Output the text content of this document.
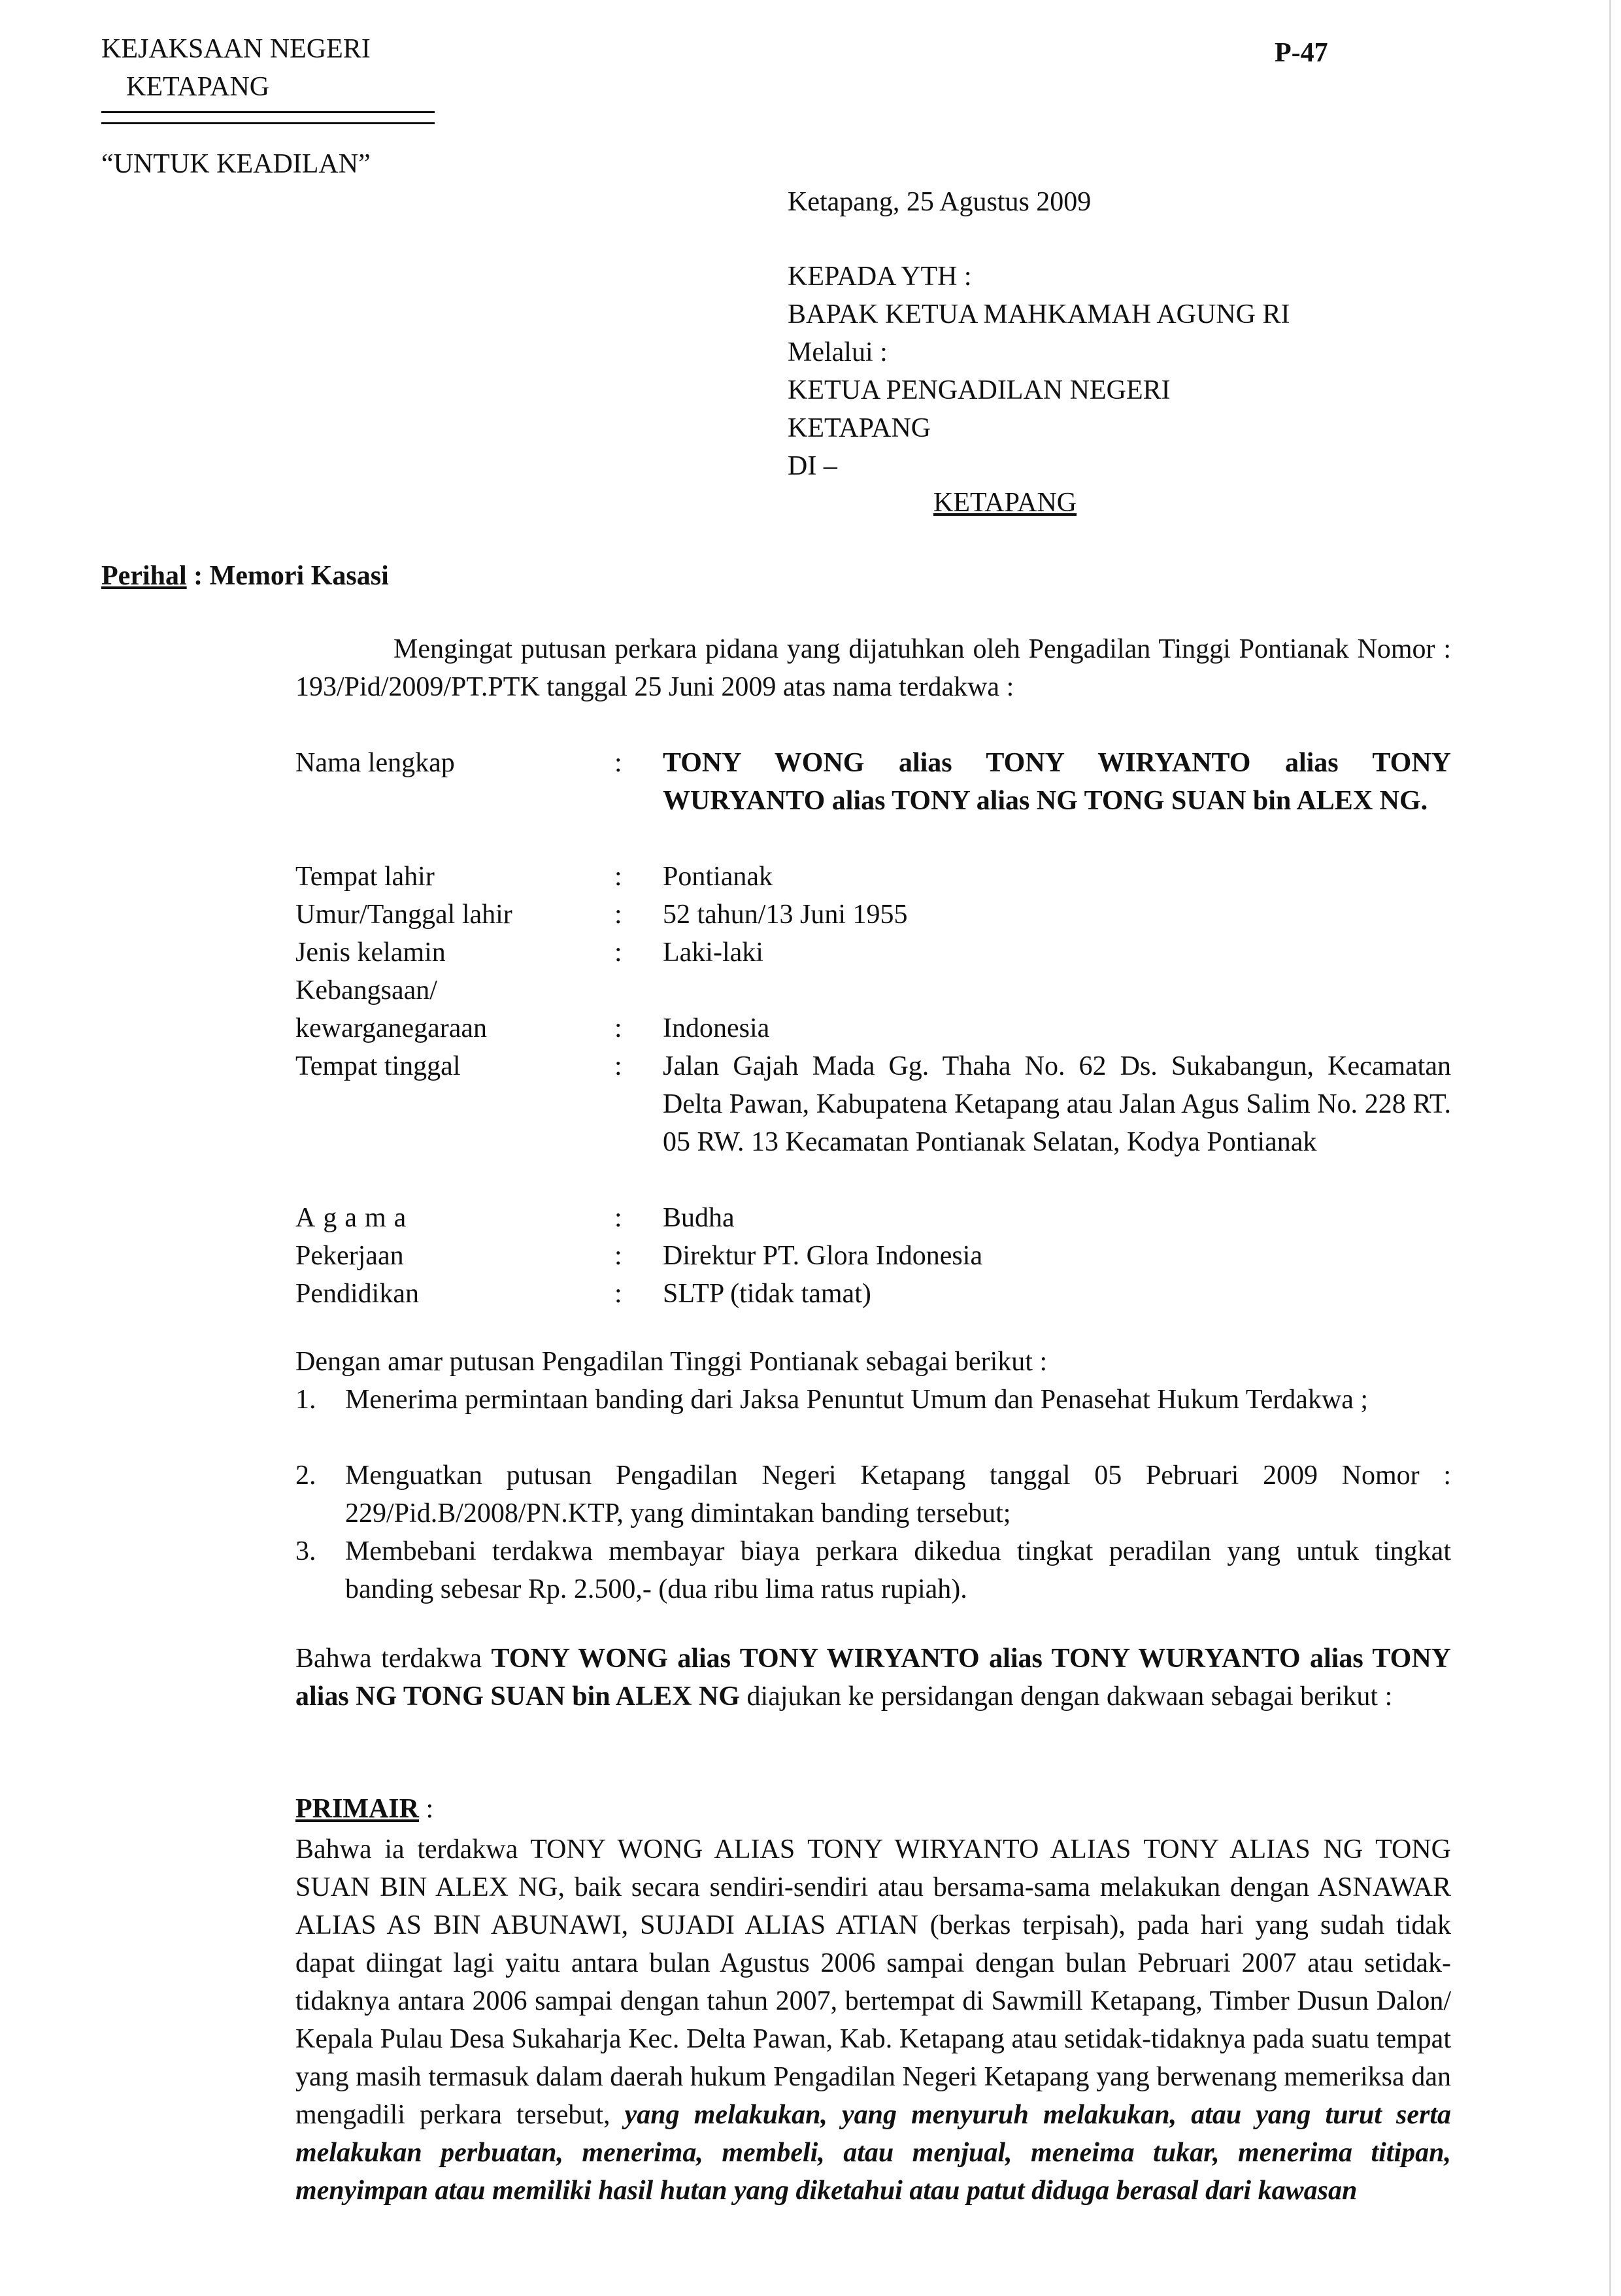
KEJAKSAAN NEGERI
KETAPANG
“UNTUK KEADILAN”
P-47
Ketapang, 25 Agustus 2009
KEPADA YTH :
BAPAK KETUA MAHKAMAH AGUNG RI
Melalui :
KETUA PENGADILAN NEGERI
KETAPANG
DI –
KETAPANG
Perihal : Memori Kasasi
Mengingat putusan perkara pidana yang dijatuhkan oleh Pengadilan Tinggi Pontianak Nomor : 193/Pid/2009/PT.PTK tanggal 25 Juni 2009 atas nama terdakwa :
Nama lengkap	: TONY WONG alias TONY WIRYANTO alias TONY WURYANTO alias TONY alias NG TONG SUAN bin ALEX NG.
Tempat lahir	: Pontianak
Umur/Tanggal lahir	: 52 tahun/13 Juni 1955
Jenis kelamin	: Laki-laki
Kebangsaan/
kewarganegaraan	: Indonesia
Tempat tinggal	: Jalan Gajah Mada Gg. Thaha No. 62 Ds. Sukabangun, Kecamatan Delta Pawan, Kabupatena Ketapang atau Jalan Agus Salim No. 228 RT. 05 RW. 13 Kecamatan Pontianak Selatan, Kodya Pontianak
Agama	: Budha
Pekerjaan	: Direktur PT. Glora Indonesia
Pendidikan	: SLTP (tidak tamat)
Dengan amar putusan Pengadilan Tinggi Pontianak sebagai berikut :
1.	Menerima permintaan banding dari Jaksa Penuntut Umum dan Penasehat Hukum Terdakwa ;
2.	Menguatkan putusan Pengadilan Negeri Ketapang tanggal 05 Pebruari 2009 Nomor : 229/Pid.B/2008/PN.KTP, yang dimintakan banding tersebut;
3.	Membebani terdakwa membayar biaya perkara dikedua tingkat peradilan yang untuk tingkat banding sebesar Rp. 2.500,- (dua ribu lima ratus rupiah).
Bahwa terdakwa TONY WONG alias TONY WIRYANTO alias TONY WURYANTO alias TONY alias NG TONG SUAN bin ALEX NG diajukan ke persidangan dengan dakwaan sebagai berikut :
PRIMAIR :
Bahwa ia terdakwa TONY WONG ALIAS TONY WIRYANTO ALIAS TONY ALIAS NG TONG SUAN BIN ALEX NG, baik secara sendiri-sendiri atau bersama-sama melakukan dengan ASNAWAR ALIAS AS BIN ABUNAWI, SUJADI ALIAS ATIAN (berkas terpisah), pada hari yang sudah tidak dapat diingat lagi yaitu antara bulan Agustus 2006 sampai dengan bulan Pebruari 2007 atau setidak-tidaknya antara 2006 sampai dengan tahun 2007, bertempat di Sawmill Ketapang, Timber Dusun Dalon/ Kepala Pulau Desa Sukaharja Kec. Delta Pawan, Kab. Ketapang atau setidak-tidaknya pada suatu tempat yang masih termasuk dalam daerah hukum Pengadilan Negeri Ketapang yang berwenang memeriksa dan mengadili perkara tersebut, yang melakukan, yang menyuruh melakukan, atau yang turut serta melakukan perbuatan, menerima, membeli, atau menjual, meneima tukar, menerima titipan, menyimpan atau memiliki hasil hutan yang diketahui atau patut diduga berasal dari kawasan
